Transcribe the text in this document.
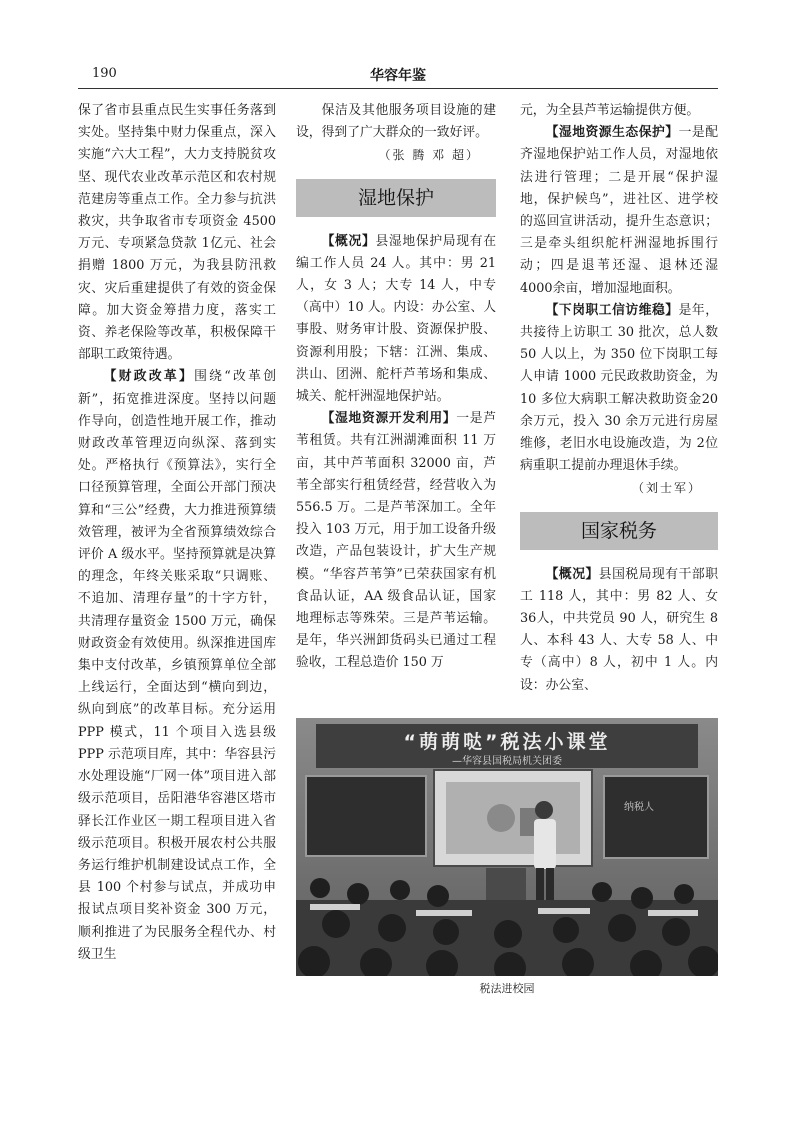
190	华容年鉴

保了省市县重点民生实事任务落到实处。坚持集中财力保重点，深入实施“六大工程”，大力支持脱贫攻坚、现代农业改革示范区和农村规范建房等重点工作。全力参与抗洪救灾，共争取省市专项资金 4500 万元、专项紧急贷款 1亿元、社会捐赠 1800 万元，为我县防汛救灾、灾后重建提供了有效的资金保障。加大资金筹措力度，落实工资、养老保险等改革，积极保障干部职工政策待遇。

【财政改革】围绕“改革创新”，拓宽推进深度。坚持以问题作导向，创造性地开展工作，推动财政改革管理迈向纵深、落到实处。严格执行《预算法》，实行全口径预算管理，全面公开部门预决算和“三公”经费，大力推进预算绩效管理，被评为全省预算绩效综合评价 A 级水平。坚持预算就是决算的理念，年终关账采取“只调账、不追加、清理存量”的十字方针，共清理存量资金 1500 万元，确保财政资金有效使用。纵深推进国库集中支付改革，乡镇预算单位全部上线运行，全面达到“横向到边，纵向到底”的改革目标。充分运用 PPP 模式，11 个项目入选县级 PPP 示范项目库，其中：华容县污水处理设施“厂网一体”项目进入部级示范项目，岳阳港华容港区塔市驿长江作业区一期工程项目进入省级示范项目。积极开展农村公共服务运行维护机制建设试点工作，全县 100 个村参与试点，并成功申报试点项目奖补资金 300 万元，顺利推进了为民服务全程代办、村级卫生

保洁及其他服务项目设施的建设，得到了广大群众的一致好评。

（张 腾 邓 超）

湿地保护

【概况】县湿地保护局现有在编工作人员 24 人。其中：男 21人，女 3 人；大专 14 人，中专（高中）10 人。内设：办公室、人事股、财务审计股、资源保护股、资源利用股；下辖：江洲、集成、洪山、团洲、舵杆芦苇场和集成、城关、舵杆洲湿地保护站。

【湿地资源开发利用】一是芦苇租赁。共有江洲湖滩面积 11 万亩，其中芦苇面积 32000 亩，芦苇全部实行租赁经营，经营收入为 556.5 万。二是芦苇深加工。全年投入 103 万元，用于加工设备升级改造，产品包装设计，扩大生产规模。“华容芦苇笋”已荣获国家有机食品认证，AA 级食品认证，国家地理标志等殊荣。三是芦苇运输。是年，华兴洲卸货码头已通过工程验收，工程总造价 150 万

元，为全县芦苇运输提供方便。

【湿地资源生态保护】一是配齐湿地保护站工作人员，对湿地依法进行管理；二是开展“保护湿地，保护候鸟”，进社区、进学校的巡回宣讲活动，提升生态意识；三是牵头组织舵杆洲湿地拆围行动；四是退苇还湿、退林还湿 4000余亩，增加湿地面积。

【下岗职工信访维稳】是年，共接待上访职工 30 批次，总人数50 人以上，为 350 位下岗职工每人申请 1000 元民政救助资金，为10 多位大病职工解决救助资金20 余万元，投入 30 余万元进行房屋维修，老旧水电设施改造，为 2位病重职工提前办理退休手续。

（刘士军）

国家税务

【概况】县国税局现有干部职工 118 人，其中：男 82 人、女 36人，中共党员 90 人，研究生 8 人、本科 43 人、大专 58 人、中专（高中）8 人，初中 1 人。内设：办公室、

“萌萌哒”税法小课堂
—华容县国税局机关团委
纳税人
税法进校园
